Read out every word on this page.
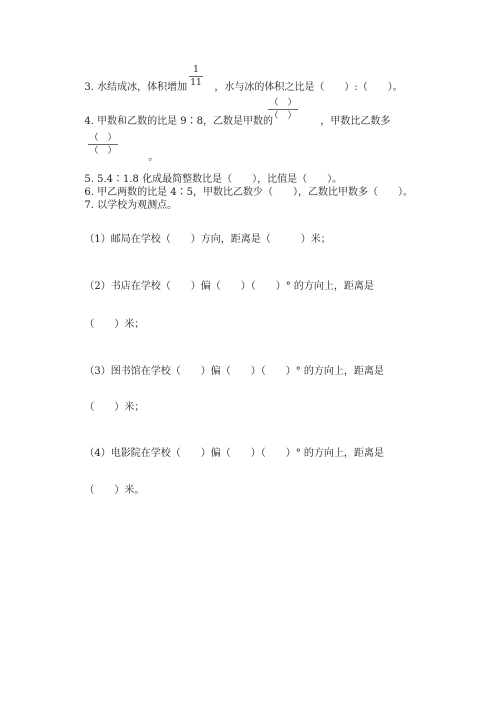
3. 水结成冰，体积增加

1
11	，水与冰的体积之比是（　　）:（　　）。

4. 甲数和乙数的比是 9∶8，乙数是甲数的

（　）
（　）	，甲数比乙数多

（　）
（　）

。

5. 5.4∶1.8 化成最简整数比是（　　），比值是（　　）。

6. 甲乙两数的比是 4∶5，甲数比乙数少（　　），乙数比甲数多（　　）。

7. 以学校为观测点。

（1）邮局在学校（　　）方向，距离是（　　　）米；

（2）书店在学校（　　）偏（　　）（　　）° 的方向上，距离是

（　　）米；

（3）图书馆在学校（　　）偏（　　）（　　）° 的方向上，距离是

（　　）米；

（4）电影院在学校（　　）偏（　　）（　　）° 的方向上，距离是

（　　）米。
